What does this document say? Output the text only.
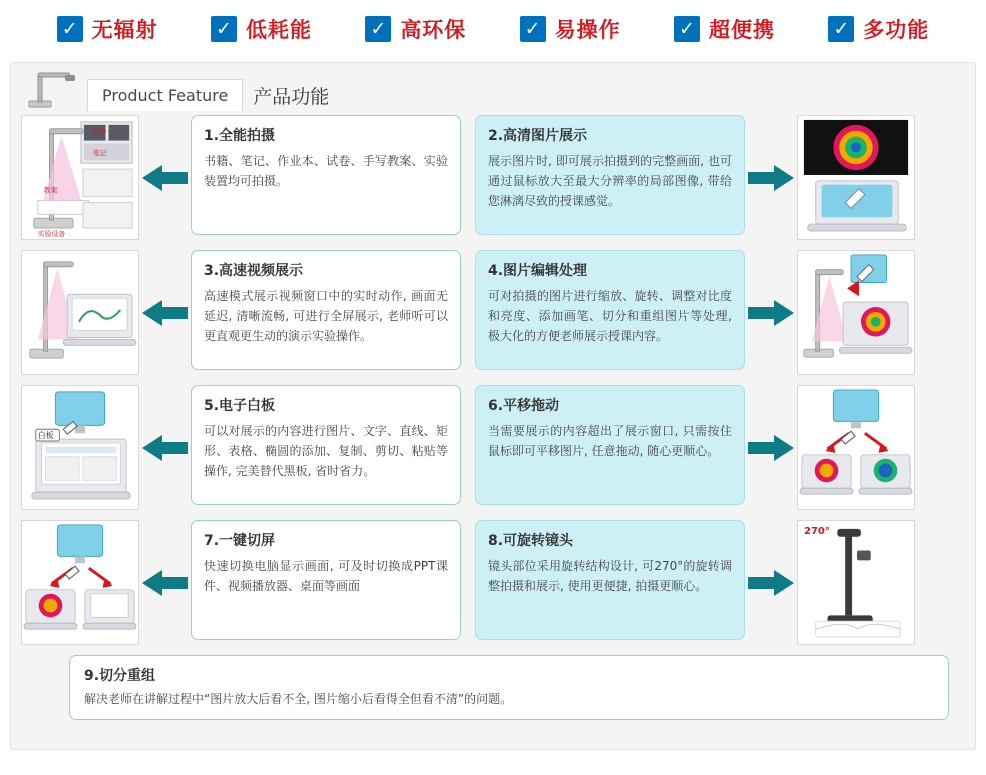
✓ 无辐射	✓ 低耗能	✓ 高环保	✓ 易操作	✓ 超便携	✓ 多功能
Product Feature 产品功能
试卷
笔记
教案
实验设备
1.全能拍摄

书籍、笔记、作业本、试卷、手写教案、实验装置均可拍摄。

2.高清图片展示

展示图片时, 即可展示拍摄到的完整画面, 也可通过鼠标放大至最大分辨率的局部图像, 带给您淋漓尽致的授课感觉。

3.高速视频展示

高速模式展示视频窗口中的实时动作, 画面无延迟, 清晰流畅, 可进行全屏展示, 老师听可以更直观更生动的演示实验操作。

4.图片编辑处理

可对拍摄的图片进行缩放、旋转、调整对比度和亮度、添加画笔、切分和重组图片等处理, 极大化的方便老师展示授课内容。

白板
5.电子白板

可以对展示的内容进行图片、文字、直线、矩形、表格、椭圆的添加、复制、剪切、粘贴等操作, 完美替代黑板, 省时省力。

6.平移拖动

当需要展示的内容超出了展示窗口, 只需按住鼠标即可平移图片, 任意拖动, 随心更顺心。

7.一键切屏

快速切换电脑显示画面, 可及时切换成PPT课件、视频播放器、桌面等画面

8.可旋转镜头

镜头部位采用旋转结构设计, 可270°的旋转调整拍摄和展示, 使用更便捷, 拍摄更顺心。

270°
9.切分重组

解决老师在讲解过程中“图片放大后看不全, 图片缩小后看得全但看不清”的问题。
